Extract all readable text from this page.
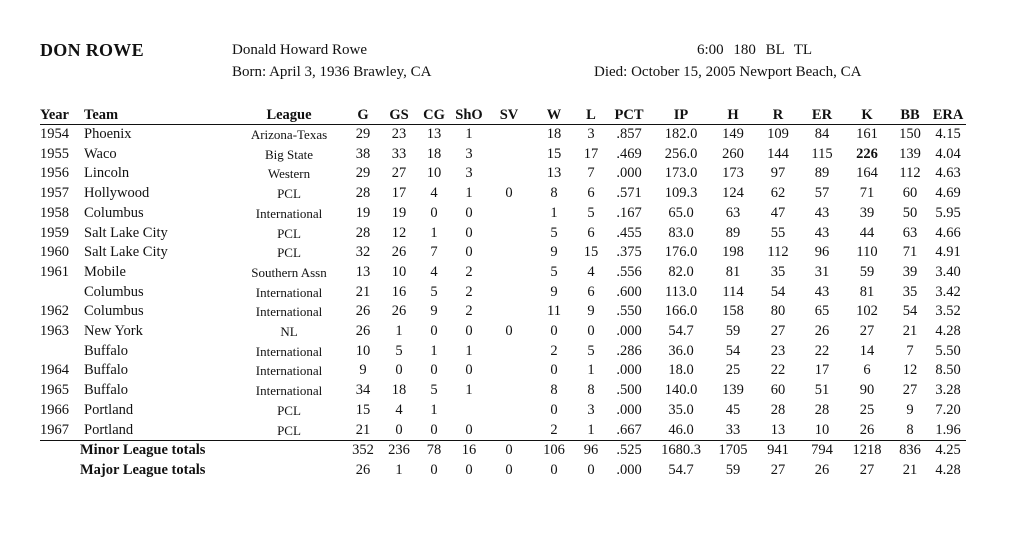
DON ROWE	Donald Howard Rowe
Born: April 3, 1936 Brawley, CA
6:00 180 BL TL
Died: October 15, 2005 Newport Beach, CA
Year	Team	League	G	GS	CG	ShO	SV	W	L	PCT	IP	H	R	ER	K	BB	ERA
1954	Phoenix	Arizona-Texas	29	23	13	1		18	3	.857	182.0	149	109	84	161	150	4.15
1955	Waco	Big State	38	33	18	3		15	17	.469	256.0	260	144	115	226	139	4.04
1956	Lincoln	Western	29	27	10	3		13	7	.000	173.0	173	97	89	164	112	4.63
1957	Hollywood	PCL	28	17	4	1	0	8	6	.571	109.3	124	62	57	71	60	4.69
1958	Columbus	International	19	19	0	0		1	5	.167	65.0	63	47	43	39	50	5.95
1959	Salt Lake City	PCL	28	12	1	0		5	6	.455	83.0	89	55	43	44	63	4.66
1960	Salt Lake City	PCL	32	26	7	0		9	15	.375	176.0	198	112	96	110	71	4.91
1961	Mobile	Southern Assn	13	10	4	2		5	4	.556	82.0	81	35	31	59	39	3.40
	Columbus	International	21	16	5	2		9	6	.600	113.0	114	54	43	81	35	3.42
1962	Columbus	International	26	26	9	2		11	9	.550	166.0	158	80	65	102	54	3.52
1963	New York	NL	26	1	0	0	0	0	0	.000	54.7	59	27	26	27	21	4.28
	Buffalo	International	10	5	1	1		2	5	.286	36.0	54	23	22	14	7	5.50
1964	Buffalo	International	9	0	0	0		0	1	.000	18.0	25	22	17	6	12	8.50
1965	Buffalo	International	34	18	5	1		8	8	.500	140.0	139	60	51	90	27	3.28
1966	Portland	PCL	15	4	1			0	3	.000	35.0	45	28	28	25	9	7.20
1967	Portland	PCL	21	0	0	0		2	1	.667	46.0	33	13	10	26	8	1.96
Minor League totals			352	236	78	16	0	106	96	.525	1680.3	1705	941	794	1218	836	4.25
Major League totals			26	1	0	0	0	0	0	.000	54.7	59	27	26	27	21	4.28
